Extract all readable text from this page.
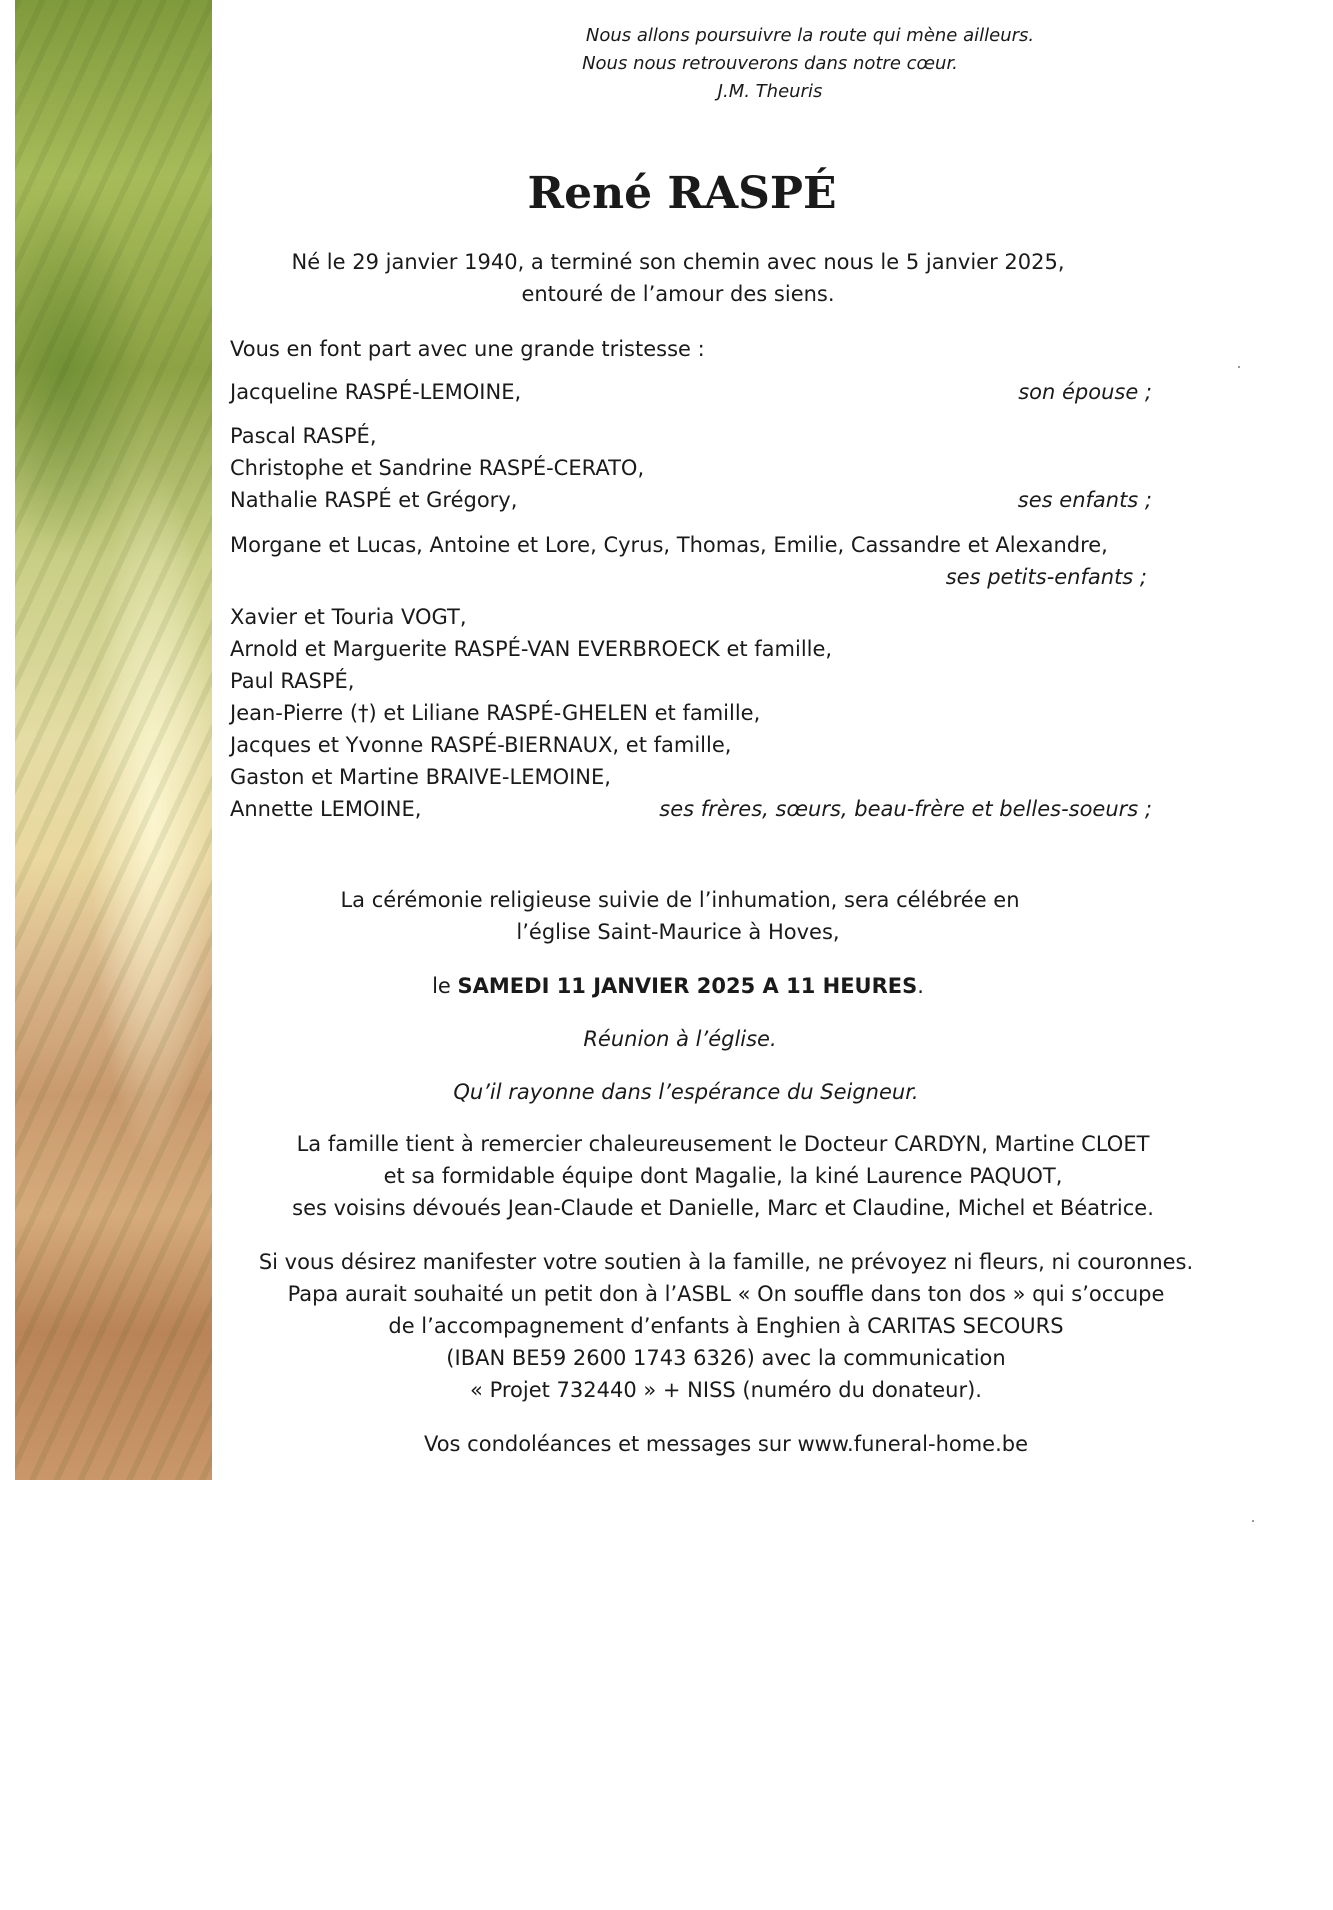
Nous allons poursuivre la route qui mène ailleurs.

Nous nous retrouverons dans notre cœur.

J.M. Theuris

René RASPÉ

Né le 29 janvier 1940, a terminé son chemin avec nous le 5 janvier 2025,

entouré de l’amour des siens.

Vous en font part avec une grande tristesse :

Jacqueline RASPÉ-LEMOINE,	son épouse ;

Pascal RASPÉ,

Christophe et Sandrine RASPÉ-CERATO,

Nathalie RASPÉ et Grégory,	ses enfants ;

Morgane et Lucas, Antoine et Lore, Cyrus, Thomas, Emilie, Cassandre et Alexandre,

ses petits-enfants ;

Xavier et Touria VOGT,

Arnold et Marguerite RASPÉ-VAN EVERBROECK et famille,

Paul RASPÉ,

Jean-Pierre (†) et Liliane RASPÉ-GHELEN et famille,

Jacques et Yvonne RASPÉ-BIERNAUX, et famille,

Gaston et Martine BRAIVE-LEMOINE,

Annette LEMOINE,	ses frères, sœurs, beau-frère et belles-soeurs ;

La cérémonie religieuse suivie de l’inhumation, sera célébrée en

l’église Saint-Maurice à Hoves,

le SAMEDI 11 JANVIER 2025 A 11 HEURES.

Réunion à l’église.

Qu’il rayonne dans l’espérance du Seigneur.

La famille tient à remercier chaleureusement le Docteur CARDYN, Martine CLOET

et sa formidable équipe dont Magalie, la kiné Laurence PAQUOT,

ses voisins dévoués Jean-Claude et Danielle, Marc et Claudine, Michel et Béatrice.

Si vous désirez manifester votre soutien à la famille, ne prévoyez ni fleurs, ni couronnes.

Papa aurait souhaité un petit don à l’ASBL « On souffle dans ton dos » qui s’occupe

de l’accompagnement d’enfants à Enghien à CARITAS SECOURS

(IBAN BE59 2600 1743 6326) avec la communication

« Projet 732440 » + NISS (numéro du donateur).

Vos condoléances et messages sur www.funeral-home.be
